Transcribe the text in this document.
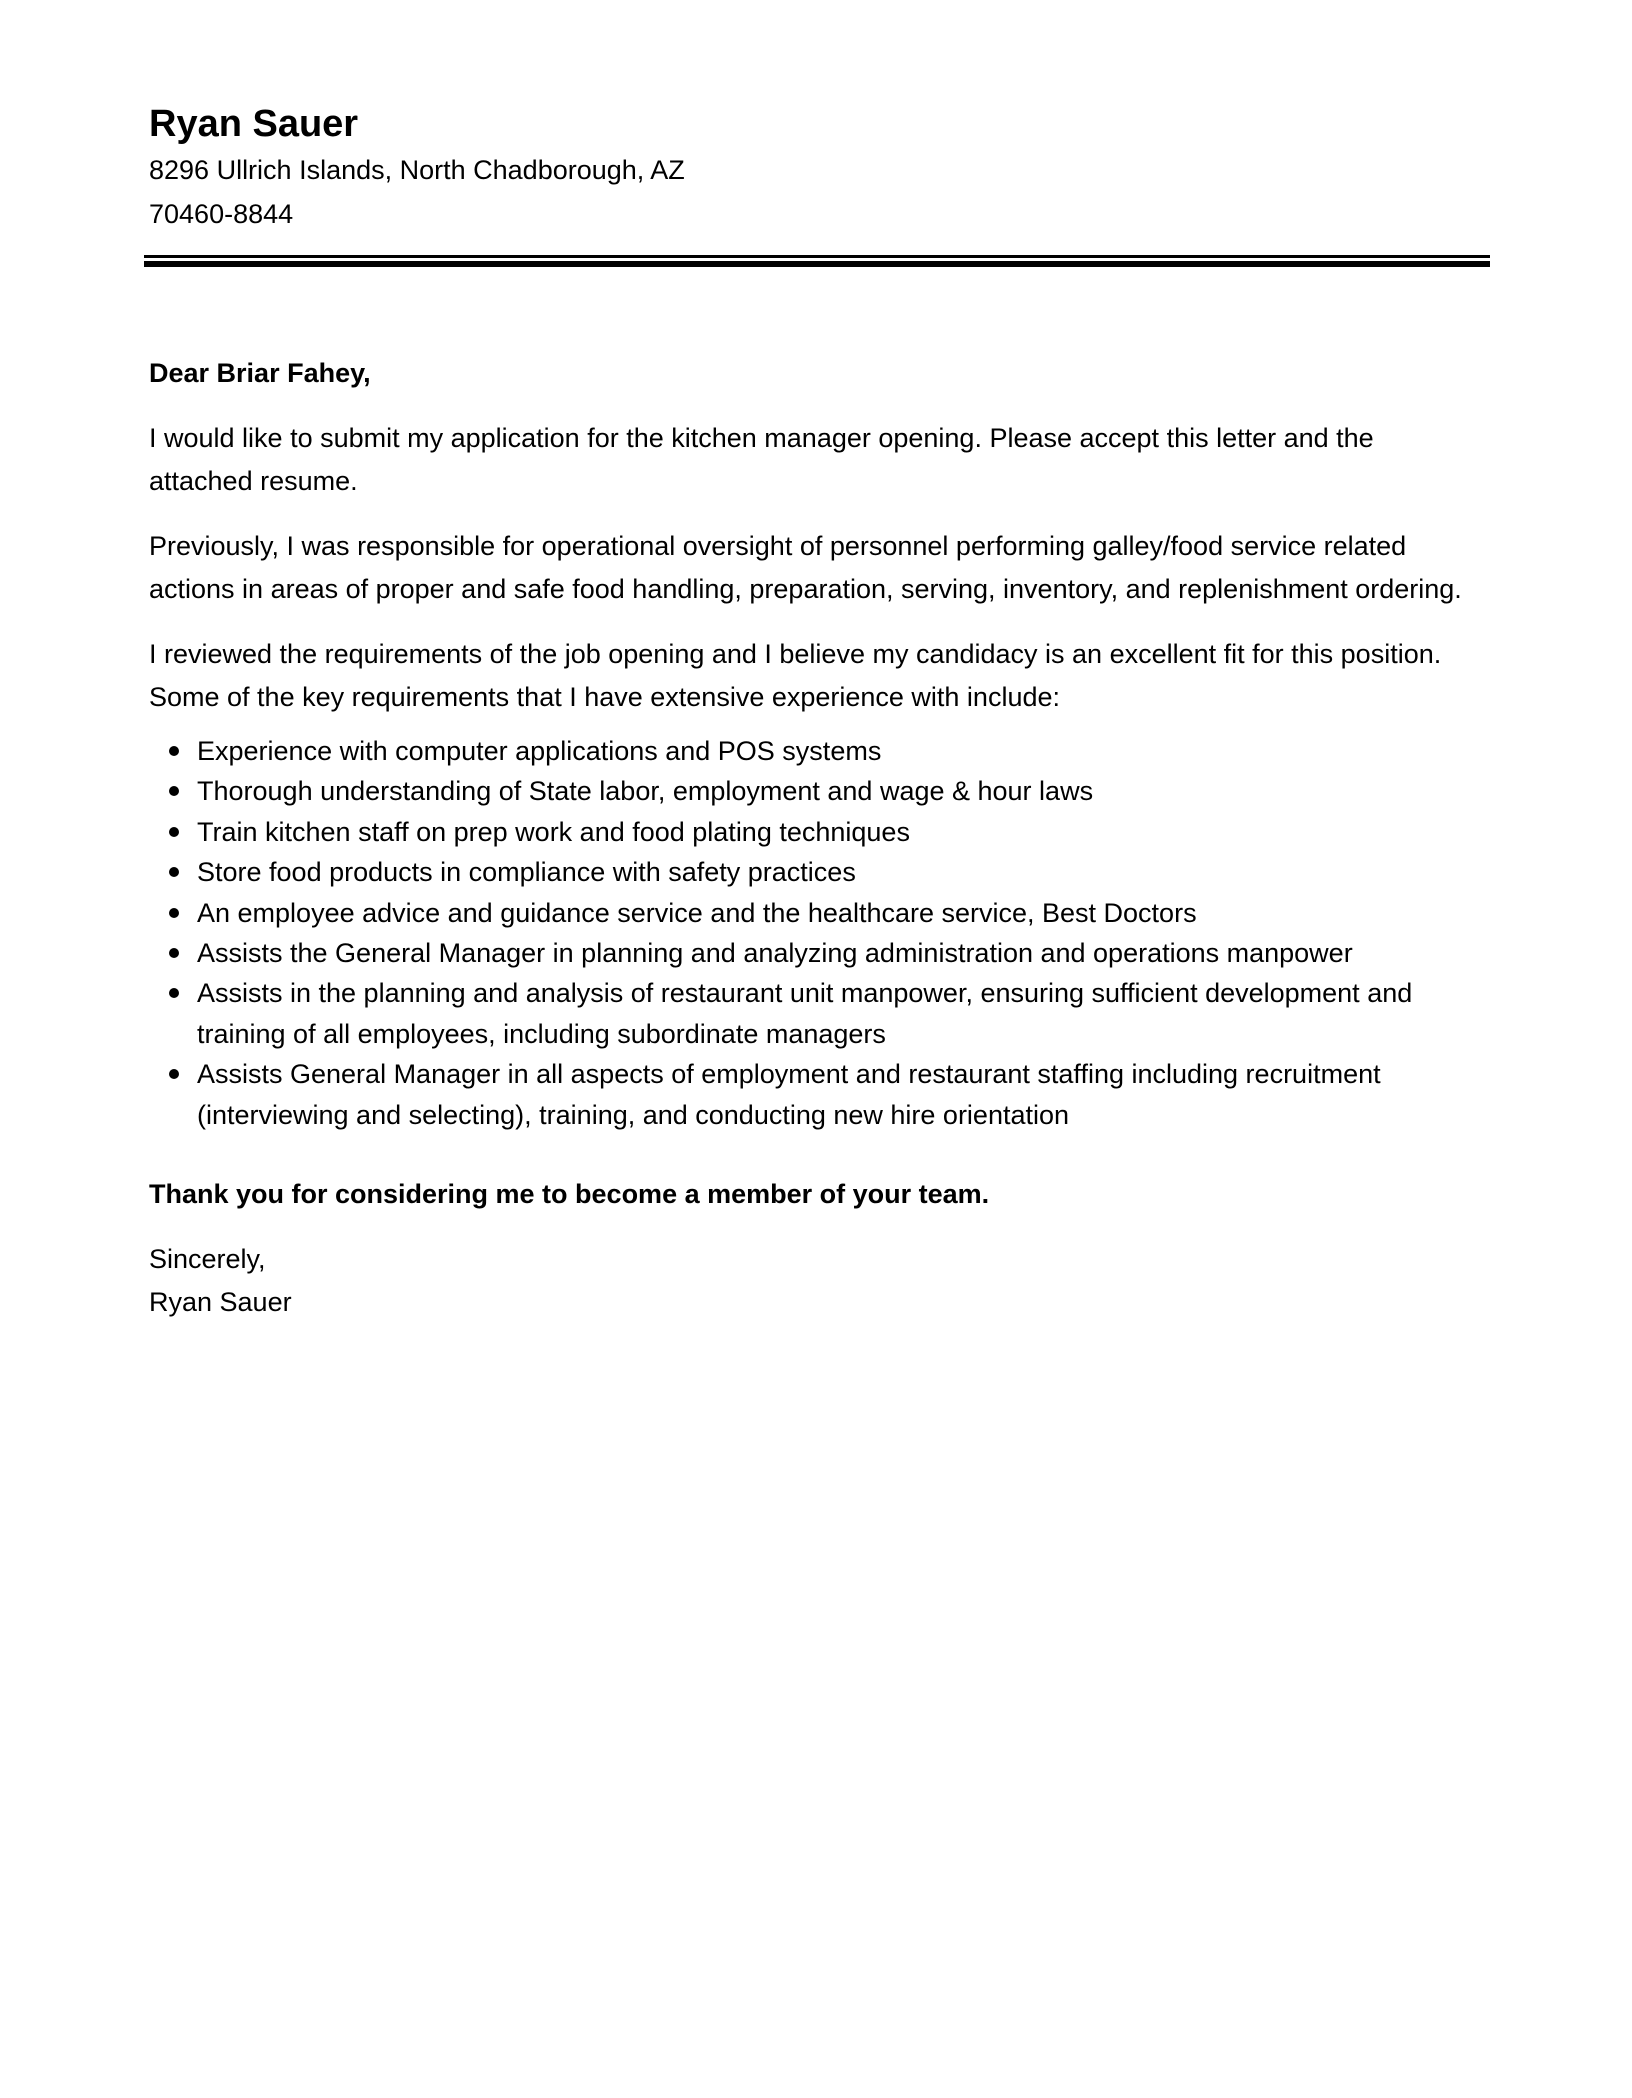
Ryan Sauer

8296 Ullrich Islands, North Chadborough, AZ

70460-8844

Dear Briar Fahey,

I would like to submit my application for the kitchen manager opening. Please accept this letter and the attached resume.

Previously, I was responsible for operational oversight of personnel performing galley/food service related actions in areas of proper and safe food handling, preparation, serving, inventory, and replenishment ordering.

I reviewed the requirements of the job opening and I believe my candidacy is an excellent fit for this position. Some of the key requirements that I have extensive experience with include:

Experience with computer applications and POS systems
Thorough understanding of State labor, employment and wage & hour laws
Train kitchen staff on prep work and food plating techniques
Store food products in compliance with safety practices
An employee advice and guidance service and the healthcare service, Best Doctors
Assists the General Manager in planning and analyzing administration and operations manpower
Assists in the planning and analysis of restaurant unit manpower, ensuring sufficient development and training of all employees, including subordinate managers
Assists General Manager in all aspects of employment and restaurant staffing including recruitment (interviewing and selecting), training, and conducting new hire orientation

Thank you for considering me to become a member of your team.

Sincerely,

Ryan Sauer
